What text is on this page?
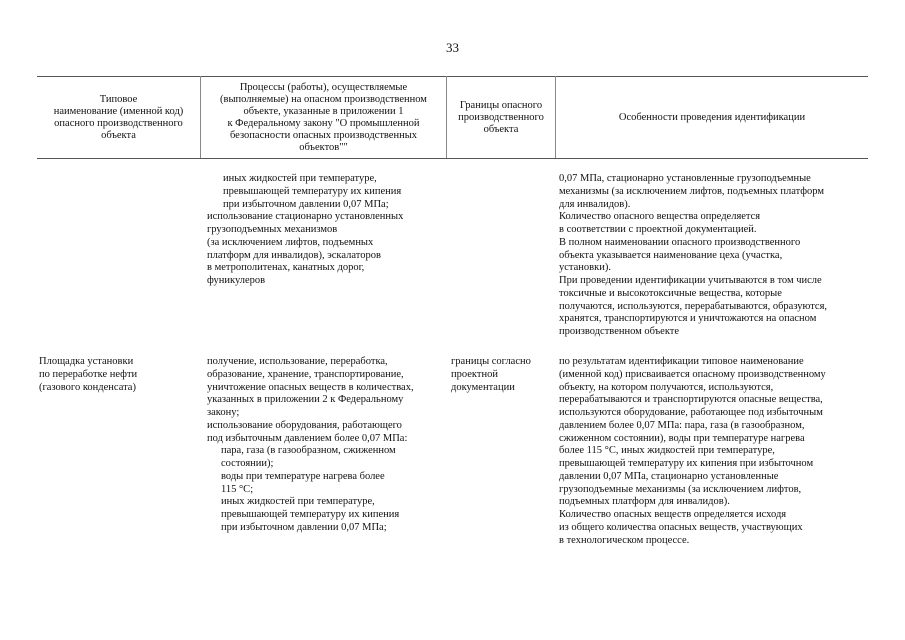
33
Типовое
наименование (именной код)
опасного производственного
объекта
Процессы (работы), осуществляемые
(выполняемые) на опасном производственном
объекте, указанные в приложении 1
к Федеральному закону "О промышленной
безопасности опасных производственных
объектов""
Границы опасного
производственного
объекта
Особенности проведения идентификации
иных жидкостей при температуре,
превышающей температуру их кипения
при избыточном давлении 0,07 МПа;
использование стационарно установленных
грузоподъемных механизмов
(за исключением лифтов, подъемных
платформ для инвалидов), эскалаторов
в метрополитенах, канатных дорог,
фуникулеров
0,07 МПа, стационарно установленные грузоподъемные
механизмы (за исключением лифтов, подъемных платформ
для инвалидов).
Количество опасного вещества определяется
в соответствии с проектной документацией.
В полном наименовании опасного производственного
объекта указывается наименование цеха (участка,
установки).
При проведении идентификации учитываются в том числе
токсичные и высокотоксичные вещества, которые
получаются, используются, перерабатываются, образуются,
хранятся, транспортируются и уничтожаются на опасном
производственном объекте
Площадка установки
по переработке нефти
(газового конденсата)
получение, использование, переработка,
образование, хранение, транспортирование,
уничтожение опасных веществ в количествах,
указанных в приложении 2 к Федеральному
закону;
использование оборудования, работающего
под избыточным давлением более 0,07 МПа:
пара, газа (в газообразном, сжиженном
состоянии);
воды при температуре нагрева более
115 °С;
иных жидкостей при температуре,
превышающей температуру их кипения
при избыточном давлении 0,07 МПа;
границы согласно
проектной
документации
по результатам идентификации типовое наименование
(именной код) присваивается опасному производственному
объекту, на котором получаются, используются,
перерабатываются и транспортируются опасные вещества,
используются оборудование, работающее под избыточным
давлением более 0,07 МПа: пара, газа (в газообразном,
сжиженном состоянии), воды при температуре нагрева
более 115 °С, иных жидкостей при температуре,
превышающей температуру их кипения при избыточном
давлении 0,07 МПа, стационарно установленные
грузоподъемные механизмы (за исключением лифтов,
подъемных платформ для инвалидов).
Количество опасных веществ определяется исходя
из общего количества опасных веществ, участвующих
в технологическом процессе.
